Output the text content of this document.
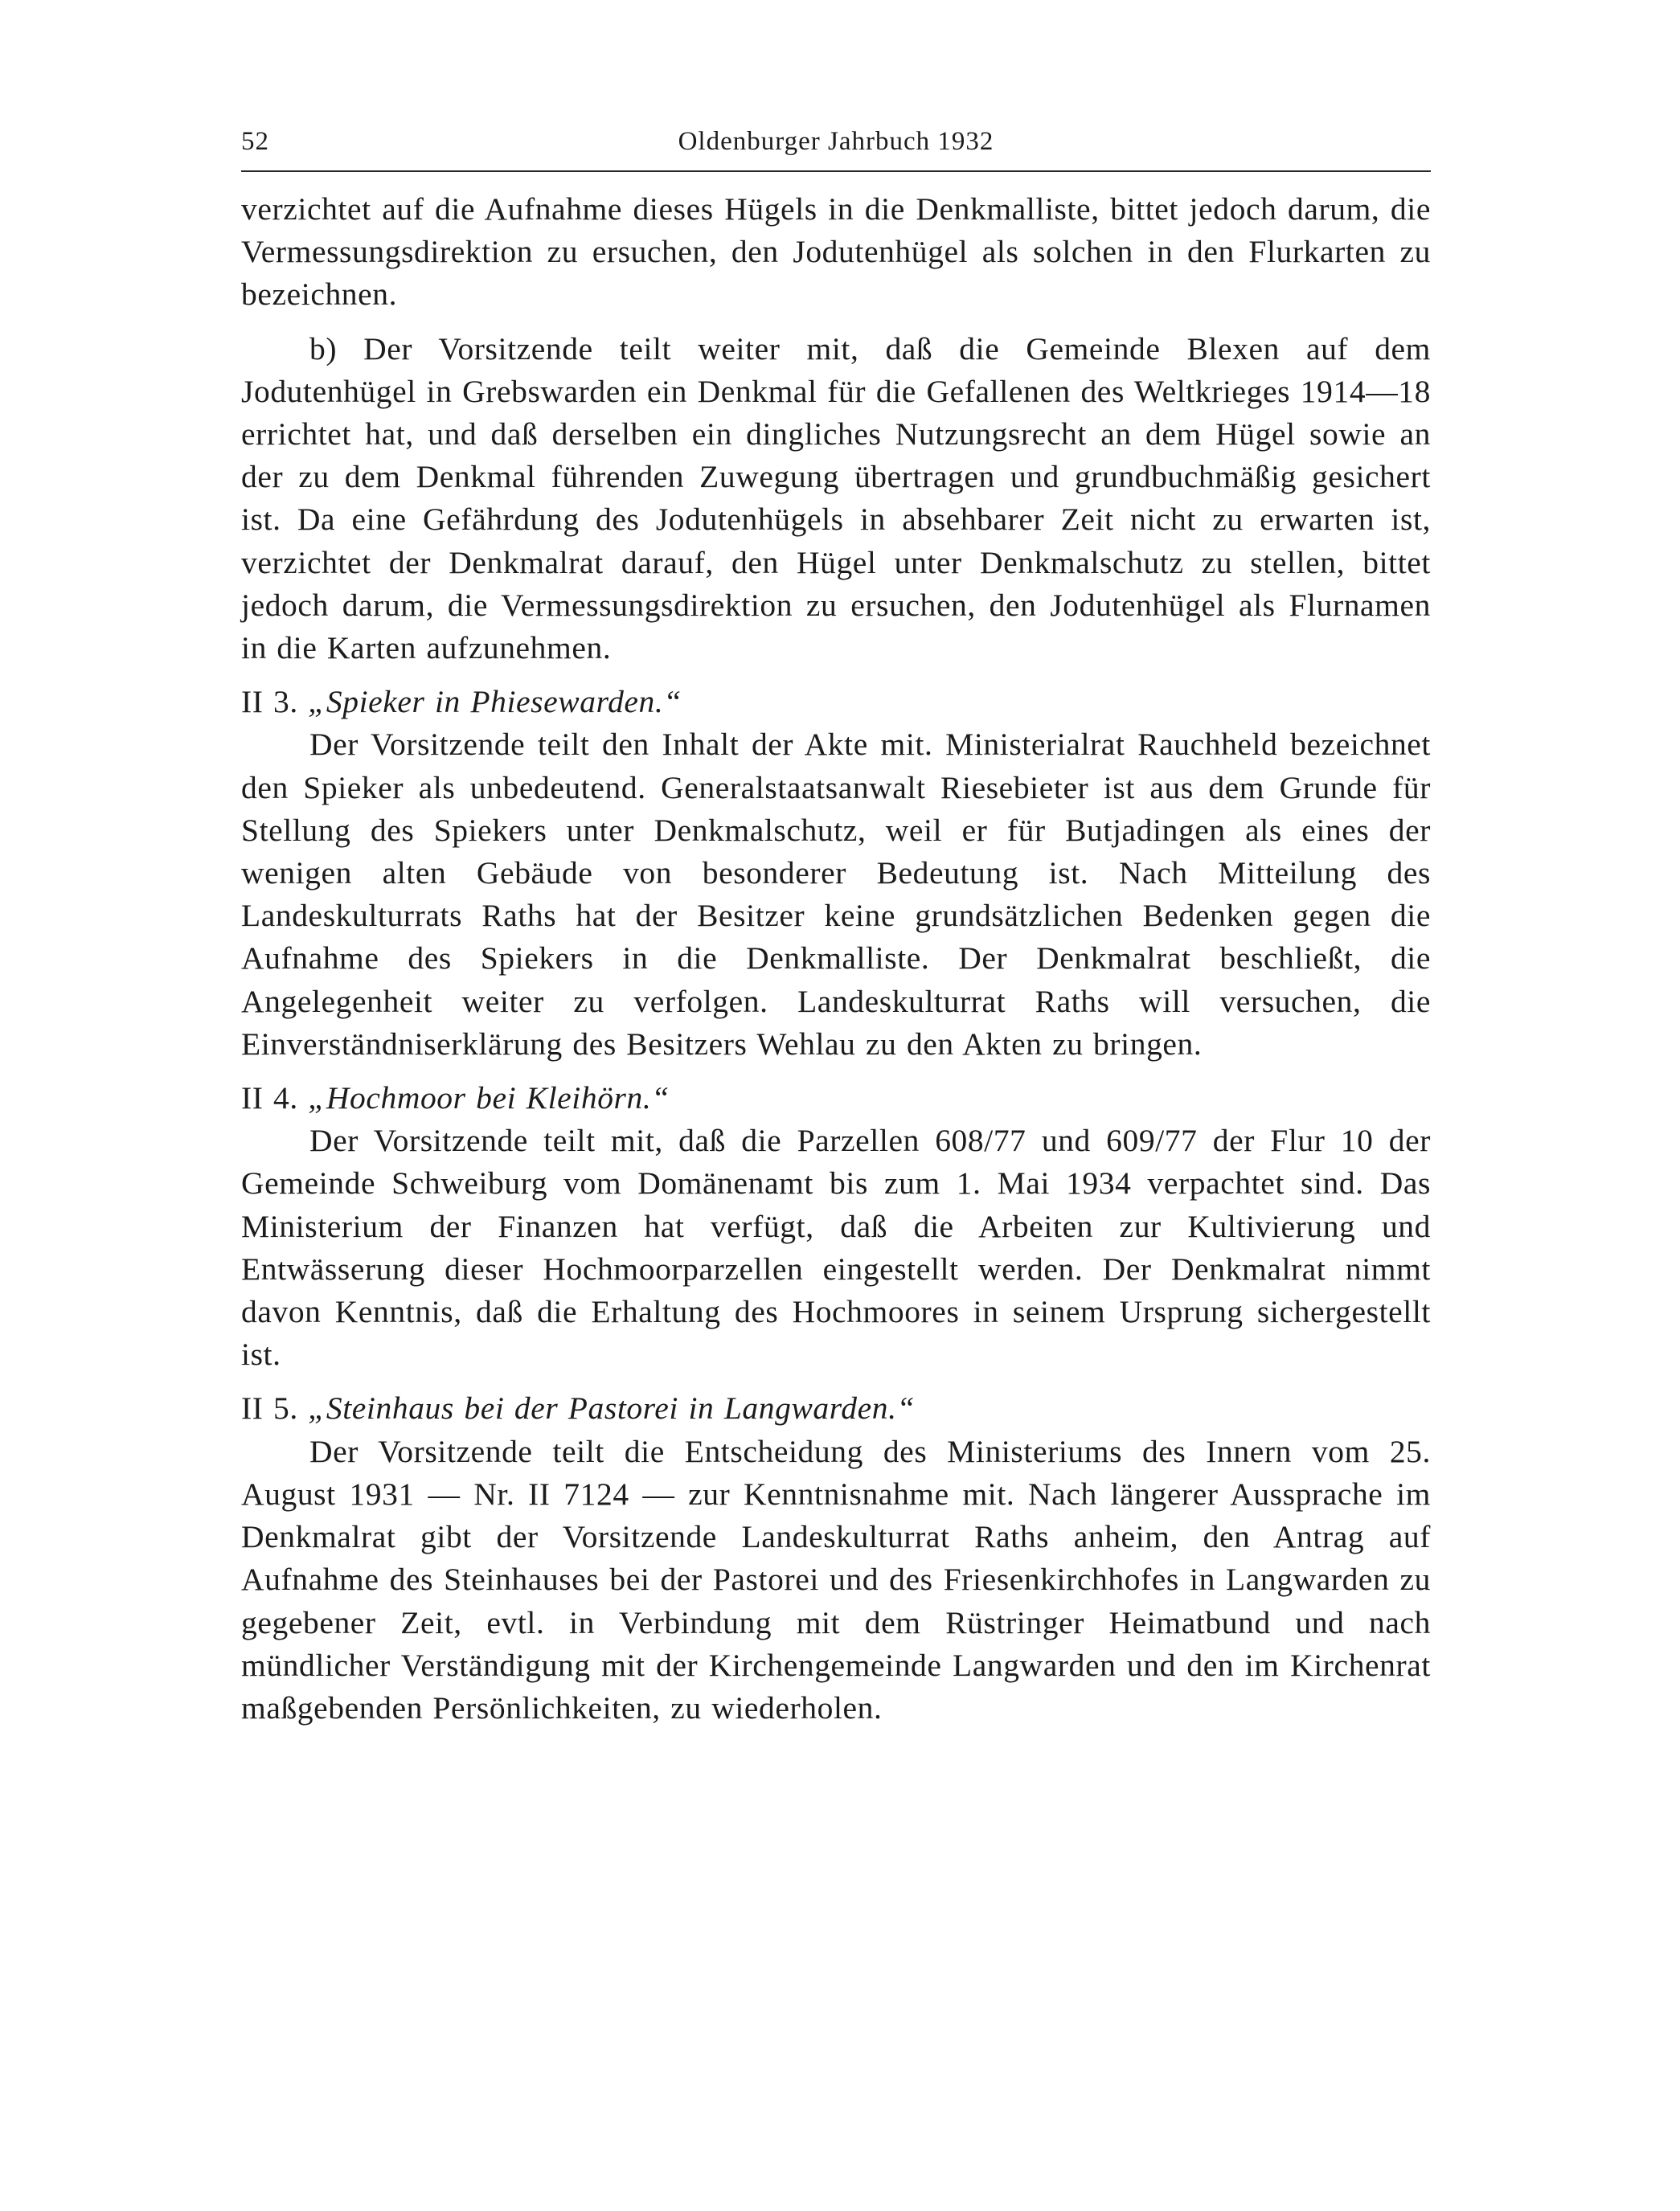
52	Oldenburger Jahrbuch 1932

verzichtet auf die Aufnahme dieses Hügels in die Denkmalliste, bittet jedoch darum, die Vermessungsdirektion zu ersuchen, den Jodutenhügel als solchen in den Flurkarten zu bezeichnen.

b) Der Vorsitzende teilt weiter mit, daß die Gemeinde Blexen auf dem Jodutenhügel in Grebswarden ein Denkmal für die Gefallenen des Weltkrieges 1914—18 errichtet hat, und daß derselben ein dingliches Nutzungsrecht an dem Hügel sowie an der zu dem Denkmal führenden Zuwegung übertragen und grundbuchmäßig gesichert ist. Da eine Gefährdung des Jodutenhügels in absehbarer Zeit nicht zu erwarten ist, verzichtet der Denkmalrat darauf, den Hügel unter Denkmalschutz zu stellen, bittet jedoch darum, die Vermessungsdirektion zu ersuchen, den Jodutenhügel als Flurnamen in die Karten aufzunehmen.

II 3. „Spieker in Phiesewarden.“

Der Vorsitzende teilt den Inhalt der Akte mit. Ministerialrat Rauchheld bezeichnet den Spieker als unbedeutend. Generalstaatsanwalt Riesebieter ist aus dem Grunde für Stellung des Spiekers unter Denkmalschutz, weil er für Butjadingen als eines der wenigen alten Gebäude von besonderer Bedeutung ist. Nach Mitteilung des Landeskulturrats Raths hat der Besitzer keine grundsätzlichen Bedenken gegen die Aufnahme des Spiekers in die Denkmalliste. Der Denkmalrat beschließt, die Angelegenheit weiter zu verfolgen. Landeskulturrat Raths will versuchen, die Einverständniserklärung des Besitzers Wehlau zu den Akten zu bringen.

II 4. „Hochmoor bei Kleihörn.“

Der Vorsitzende teilt mit, daß die Parzellen 608/77 und 609/77 der Flur 10 der Gemeinde Schweiburg vom Domänenamt bis zum 1. Mai 1934 verpachtet sind. Das Ministerium der Finanzen hat verfügt, daß die Arbeiten zur Kultivierung und Entwässerung dieser Hochmoorparzellen eingestellt werden. Der Denkmalrat nimmt davon Kenntnis, daß die Erhaltung des Hochmoores in seinem Ursprung sichergestellt ist.

II 5. „Steinhaus bei der Pastorei in Langwarden.“

Der Vorsitzende teilt die Entscheidung des Ministeriums des Innern vom 25. August 1931 — Nr. II 7124 — zur Kenntnisnahme mit. Nach längerer Aussprache im Denkmalrat gibt der Vorsitzende Landeskulturrat Raths anheim, den Antrag auf Aufnahme des Steinhauses bei der Pastorei und des Friesenkirchhofes in Langwarden zu gegebener Zeit, evtl. in Verbindung mit dem Rüstringer Heimatbund und nach mündlicher Verständigung mit der Kirchengemeinde Langwarden und den im Kirchenrat maßgebenden Persönlichkeiten, zu wiederholen.
